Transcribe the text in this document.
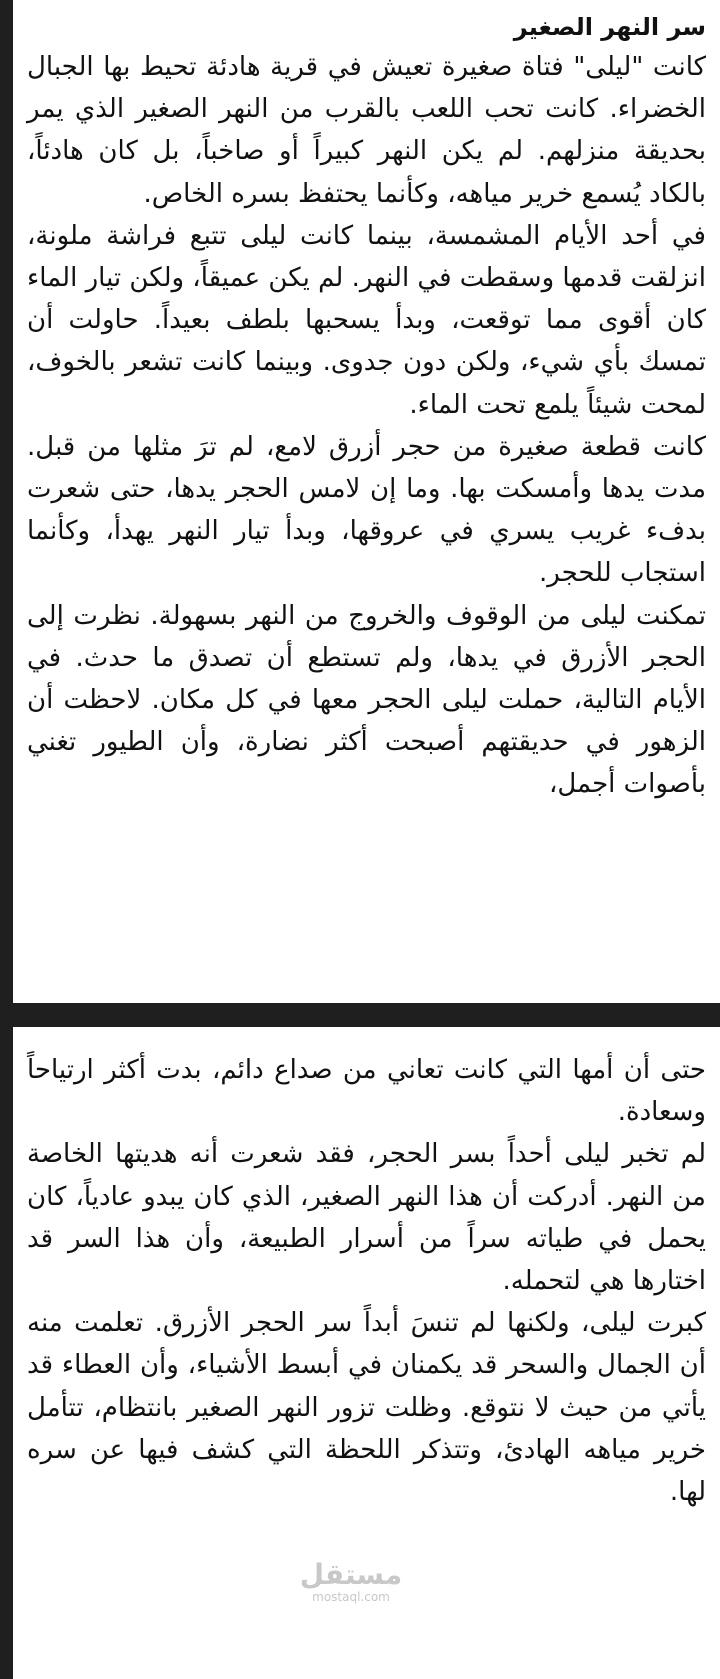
سر النهر الصغير

كانت "ليلى" فتاة صغيرة تعيش في قرية هادئة تحيط بها الجبال الخضراء. كانت تحب اللعب بالقرب من النهر الصغير الذي يمر بحديقة منزلهم. لم يكن النهر كبيراً أو صاخباً، بل كان هادئاً، بالكاد يُسمع خرير مياهه، وكأنما يحتفظ بسره الخاص.

في أحد الأيام المشمسة، بينما كانت ليلى تتبع فراشة ملونة، انزلقت قدمها وسقطت في النهر. لم يكن عميقاً، ولكن تيار الماء كان أقوى مما توقعت، وبدأ يسحبها بلطف بعيداً. حاولت أن تمسك بأي شيء، ولكن دون جدوى. وبينما كانت تشعر بالخوف، لمحت شيئاً يلمع تحت الماء.

كانت قطعة صغيرة من حجر أزرق لامع، لم ترَ مثلها من قبل. مدت يدها وأمسكت بها. وما إن لامس الحجر يدها، حتى شعرت بدفء غريب يسري في عروقها، وبدأ تيار النهر يهدأ، وكأنما استجاب للحجر.

تمكنت ليلى من الوقوف والخروج من النهر بسهولة. نظرت إلى الحجر الأزرق في يدها، ولم تستطع أن تصدق ما حدث. في الأيام التالية، حملت ليلى الحجر معها في كل مكان. لاحظت أن الزهور في حديقتهم أصبحت أكثر نضارة، وأن الطيور تغني بأصوات أجمل،

حتى أن أمها التي كانت تعاني من صداع دائم، بدت أكثر ارتياحاً وسعادة.

لم تخبر ليلى أحداً بسر الحجر، فقد شعرت أنه هديتها الخاصة من النهر. أدركت أن هذا النهر الصغير، الذي كان يبدو عادياً، كان يحمل في طياته سراً من أسرار الطبيعة، وأن هذا السر قد اختارها هي لتحمله.

كبرت ليلى، ولكنها لم تنسَ أبداً سر الحجر الأزرق. تعلمت منه أن الجمال والسحر قد يكمنان في أبسط الأشياء، وأن العطاء قد يأتي من حيث لا نتوقع. وظلت تزور النهر الصغير بانتظام، تتأمل خرير مياهه الهادئ، وتتذكر اللحظة التي كشف فيها عن سره لها.

مستقل
mostaql.com
